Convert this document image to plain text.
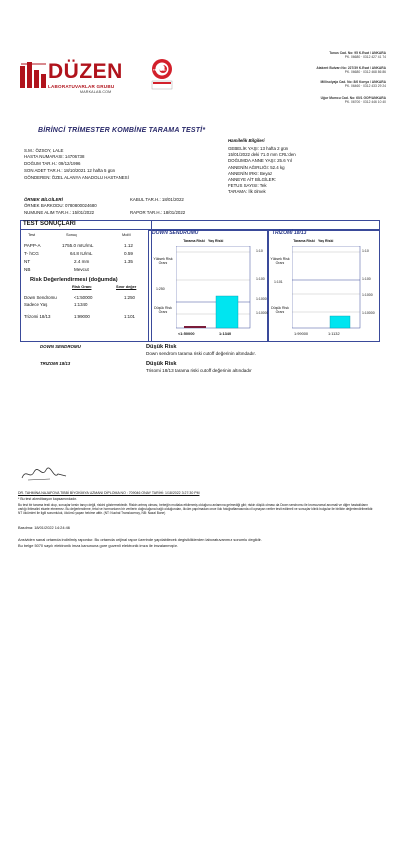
DÜZEN
LABORATUVARLAR GRUBU
MARKALAB.COM
TÜRKAK
Tunus Cad. No: 95 K.Esat / ANKARA
PK. 06680 · 0312 427 41 74
Atakent Bulvarı No: 227/39 K.Esat / ANKARA
PK. 06680 · 0312 468 86 86
Millisolyaja Cad. No: 8/6 Konya / ANKARA
PK. 06460 · 0312 433 29 24
Uğur Mumcu Cad. No: 60/1 GOP/ANKARA
PK. 06700 · 0312 446 10 40
BİRİNCİ TRİMESTER KOMBİNE TARAMA TESTİ*
S.M.: ÖZSOY, LALE
HASTA NUMARASI: 14706738
DOĞUM TAR.H.: 09/12/1996
SON ADET TAR.H.: 18/10/2021 12 hafta 5 gün
GÖNDEREN: ÖZEL ALANYA ANADOLU HASTANESİ
Hamilelik Bilgileri
GEBELİK YAŞI: 13 hafta 2 gün
15/01/2022 deki 71.0 mm CRL'den
DOĞUMDA ANNE YAŞI: 25.6 Yıl
ANNENİN AĞIRLIĞI: 52.4 kg
ANNENİN IRKI: Beyaz
ANNEYE AİT BİLGİLER:
FETUS SAYISI: Tek
TARAMA: İlk ölmek
ÖRNEK BİLGİLERİ
ÖRNEK BARKODU: 0780800024680
NUMUNE ALIM TAR.H.: 15/01/2022
KABUL TAR.H.: 18/01/2022
RAPOR TAR.H.: 18/01/2022
TEST SONUÇLARI
Test	Sonuç	MoM
PAPP-A	1755.0 mIU/mL	1.12
T- hCG	64.8 IU/mL	0.59
NT	2.4 mm	1.35
NB	Mevcut
Risk Değerlendirmesi (doğumda)
Risk Oranı	Sınır değer
Down Sendromu	<1:50000	1:250
Sadece Yaş	1:1340
Trizomi 18/13	1:99000	1:101
DOWN SENDROMU
Tarama Riski Yaş Riski
Yüksek Risk Oranı
1:250
Düşük Risk Oranı
1:10
1:100
1:1000
1:10000
<1:50000	1:1340
TRİZOMİ 18/13
Tarama Riski Yaş Riski
Yüksek Risk Oranı
1:101
Düşük Risk Oranı
1:10
1:100
1:1000
1:10000
1:99000	1:1132
DOWN SENDROMU	Düşük Risk
Down sendrom tarama riski cutoff değerinin altındadır.
TRIZOMI 18/13	Düşük Risk
Trisomi 18/13 tarama riski cutoff değerinin altındadır
DR. TAHMİNA NAJAFOVA TIBBİ BİYOKİMYA UZMANI DİPLOMA NO : 709046 ONAY TARİHİ: 1/18/2022 3:27:30 PM
* Bu test akreditasyon kapsamındadır.
Bu test bir tarama testi olup, sonuçlar kesin tanıyı değil, riskini göstermektedir. Riskin artmış olması, bebeğin mutlaka etkilenmiş olduğunu anlamına gelmediği gibi; riskin düşük olması da Down sendromu ile kromozomal anomali ve diğer hastalıkların varlığı ihtimalini ekarte etmemez. Bu değerlendirme, fetal ve hormonların bir verilerin doğruluğuna bağlı olduğundan, ölcüm yapılmadan once ilok fotoğraflamasında cil oynayan veriler tesit edilmeli ve sonuçlar klinik bulgular ile birlikte değerlendirilmelidir. NT ölcümleri ile ilgili sorumluluk, ölcümü yapan hekime aittir. (NT: Nuchal Translucency, NB: Nazal Bone)
Basılma: 18/01/2022 14:24:46
Ansividen sanal ortamda indirilmiş rapordur. Bu ortamda orijinal rapor üzerinde yapılabilecek degisikliklerden laboratuvarımız sorumlu degildir.
Bu belge 5070 sayılı elektronik imza kanununa gore guvenli elektronik imza ile imzalanmıştır.
